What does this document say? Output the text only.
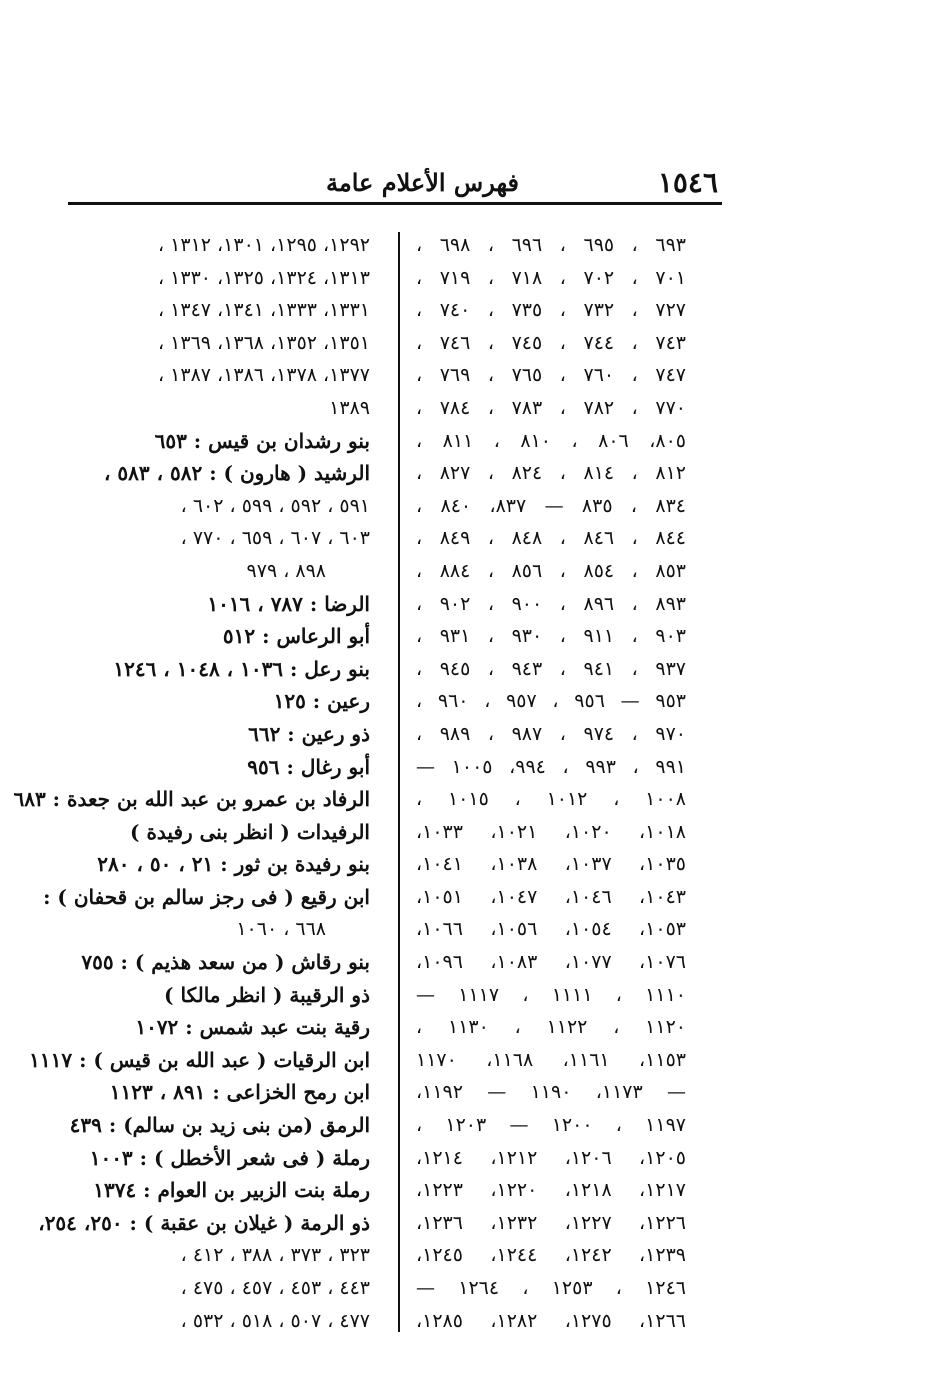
١٥٤٦
فهرس الأعلام عامة
٦٩٣ ، ٦٩٥ ، ٦٩٦ ، ٦٩٨ ،
٧٠١ ، ٧٠٢ ، ٧١٨ ، ٧١٩ ،
٧٢٧ ، ٧٣٢ ، ٧٣٥ ، ٧٤٠ ،
٧٤٣ ، ٧٤٤ ، ٧٤٥ ، ٧٤٦ ،
٧٤٧ ، ٧٦٠ ، ٧٦٥ ، ٧٦٩ ،
٧٧٠ ، ٧٨٢ ، ٧٨٣ ، ٧٨٤ ،
٨٠٥، ٨٠٦ ، ٨١٠ ، ٨١١ ،
٨١٢ ، ٨١٤ ، ٨٢٤ ، ٨٢٧ ،
٨٣٤ ، ٨٣٥ — ٨٣٧، ٨٤٠ ،
٨٤٤ ، ٨٤٦ ، ٨٤٨ ، ٨٤٩ ،
٨٥٣ ، ٨٥٤ ، ٨٥٦ ، ٨٨٤ ،
٨٩٣ ، ٨٩٦ ، ٩٠٠ ، ٩٠٢ ،
٩٠٣ ، ٩١١ ، ٩٣٠ ، ٩٣١ ،
٩٣٧ ، ٩٤١ ، ٩٤٣ ، ٩٤٥ ،
٩٥٣ — ٩٥٦ ، ٩٥٧ ، ٩٦٠ ،
٩٧٠ ، ٩٧٤ ، ٩٨٧ ، ٩٨٩ ،
٩٩١ ، ٩٩٣ ، ٩٩٤، ١٠٠٥ —
١٠٠٨ ، ١٠١٢ ، ١٠١٥ ،
١٠١٨، ١٠٢٠، ١٠٢١، ١٠٣٣،
١٠٣٥، ١٠٣٧، ١٠٣٨، ١٠٤١،
١٠٤٣، ١٠٤٦، ١٠٤٧، ١٠٥١،
١٠٥٣، ١٠٥٤، ١٠٥٦، ١٠٦٦،
١٠٧٦، ١٠٧٧، ١٠٨٣، ١٠٩٦،
١١١٠ ، ١١١١ ، ١١١٧ —
١١٢٠ ، ١١٢٢ ، ١١٣٠ ،
١١٥٣، ١١٦١، ١١٦٨، ١١٧٠
— ١١٧٣، ١١٩٠ — ١١٩٢،
١١٩٧ ، ١٢٠٠ — ١٢٠٣ ،
١٢٠٥، ١٢٠٦، ١٢١٢، ١٢١٤،
١٢١٧، ١٢١٨، ١٢٢٠، ١٢٢٣،
١٢٢٦، ١٢٢٧، ١٢٣٢، ١٢٣٦،
١٢٣٩، ١٢٤٢، ١٢٤٤، ١٢٤٥،
١٢٤٦ ، ١٢٥٣ ، ١٢٦٤ —
١٢٦٦، ١٢٧٥، ١٢٨٢، ١٢٨٥،
١٢٩٢، ١٢٩٥، ١٣٠١، ١٣١٢ ،
١٣١٣، ١٣٢٤، ١٣٢٥، ١٣٣٠ ،
١٣٣١، ١٣٣٣، ١٣٤١، ١٣٤٧ ،
١٣٥١، ١٣٥٢، ١٣٦٨، ١٣٦٩ ،
١٣٧٧، ١٣٧٨، ١٣٨٦، ١٣٨٧ ،
١٣٨٩
بنو رشدان بن قيس : ٦٥٣
الرشيد ( هارون ) : ٥٨٢ ، ٥٨٣ ،
٥٩١ ، ٥٩٢ ، ٥٩٩ ، ٦٠٢ ،
٦٠٣ ، ٦٠٧ ، ٦٥٩ ، ٧٧٠ ،
٨٩٨ ، ٩٧٩
الرضا : ٧٨٧ ، ١٠١٦
أبو الرعاس : ٥١٢
بنو رعل : ١٠٣٦ ، ١٠٤٨ ، ١٢٤٦
رعين : ١٢٥
ذو رعين : ٦٦٢
أبو رغال : ٩٥٦
الرفاد بن عمرو بن عبد الله بن جعدة : ٦٨٣
الرفيدات ( انظر بنى رفيدة )
بنو رفيدة بن ثور : ٢١ ، ٥٠ ، ٢٨٠
ابن رقيع ( فى رجز سالم بن قحفان ) :
٦٦٨ ، ١٠٦٠
بنو رقاش ( من سعد هذيم ) : ٧٥٥
ذو الرقيبة ( انظر مالكا )
رقية بنت عبد شمس : ١٠٧٢
ابن الرقيات ( عبد الله بن قيس ) : ١١١٧
ابن رمح الخزاعى : ٨٩١ ، ١١٢٣
الرمق (من بنى زيد بن سالم) : ٤٣٩
رملة ( فى شعر الأخطل ) : ١٠٠٣
رملة بنت الزبير بن العوام : ١٣٧٤
ذو الرمة ( غيلان بن عقبة ) : ٢٥٠، ٢٥٤،
٣٢٣ ، ٣٧٣ ، ٣٨٨ ، ٤١٢ ،
٤٤٣ ، ٤٥٣ ، ٤٥٧ ، ٤٧٥ ،
٤٧٧ ، ٥٠٧ ، ٥١٨ ، ٥٣٢ ،
